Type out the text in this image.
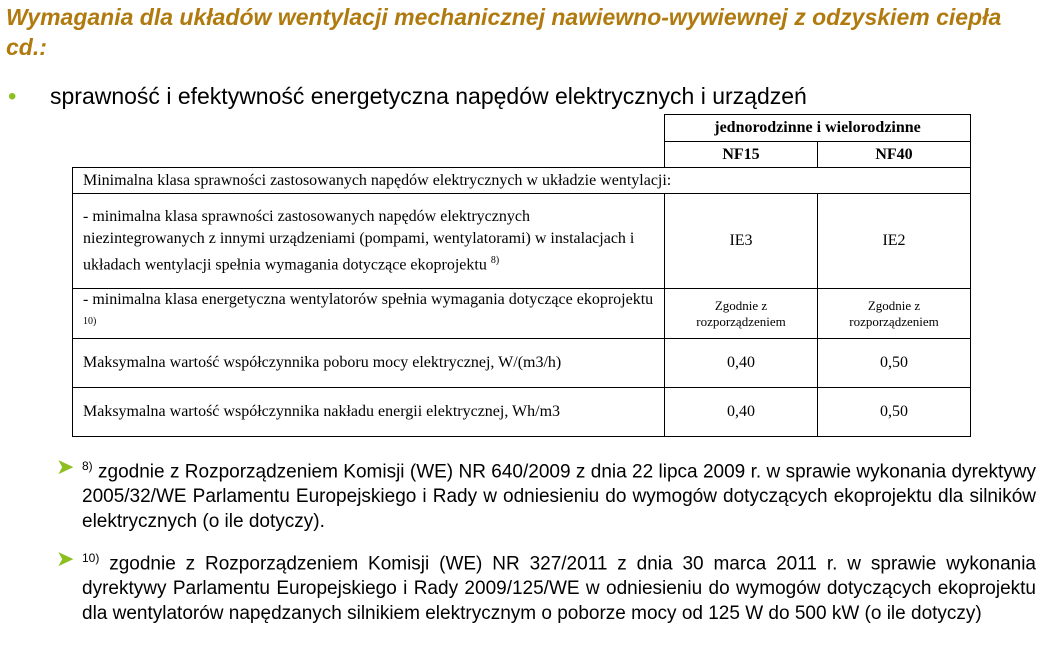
Wymagania dla układów wentylacji mechanicznej nawiewno-wywiewnej z odzyskiem ciepła cd.:
• sprawność i efektywność energetyczna napędów elektrycznych i urządzeń
	jednorodzinne i wielorodzinne	
	NF15	NF40
Minimalna klasa sprawności zastosowanych napędów elektrycznych w układzie wentylacji:		
- minimalna klasa sprawności zastosowanych napędów elektrycznych niezintegrowanych z innymi urządzeniami (pompami, wentylatorami) w instalacjach i układach wentylacji spełnia wymagania dotyczące ekoprojektu $^{8)}$	IE3	IE2
- minimalna klasa energetyczna wentylatorów spełnia wymagania dotyczące ekoprojektu $^{10)}$	Zgodnie z rozporządzeniem	Zgodnie z rozporządzeniem
Maksymalna wartość współczynnika poboru mocy elektrycznej, W/(m3/h)	0,40	0,50
Maksymalna wartość współczynnika nakładu energii elektrycznej, Wh/m3	0,40	0,50
➤ $^{8)}$ zgodnie z Rozporządzeniem Komisji (WE) NR 640/2009 z dnia 22 lipca 2009 r. w sprawie wykonania dyrektywy 2005/32/WE Parlamentu Europejskiego i Rady w odniesieniu do wymogów dotyczących ekoprojektu dla silników elektrycznych (o ile dotyczy).
➤ $^{10)}$ zgodnie z Rozporządzeniem Komisji (WE) NR 327/2011 z dnia 30 marca 2011 r. w sprawie wykonania dyrektywy Parlamentu Europejskiego i Rady 2009/125/WE w odniesieniu do wymogów dotyczących ekoprojektu dla wentylatorów napędzanych silnikiem elektrycznym o poborze mocy od 125 W do 500 kW (o ile dotyczy)
